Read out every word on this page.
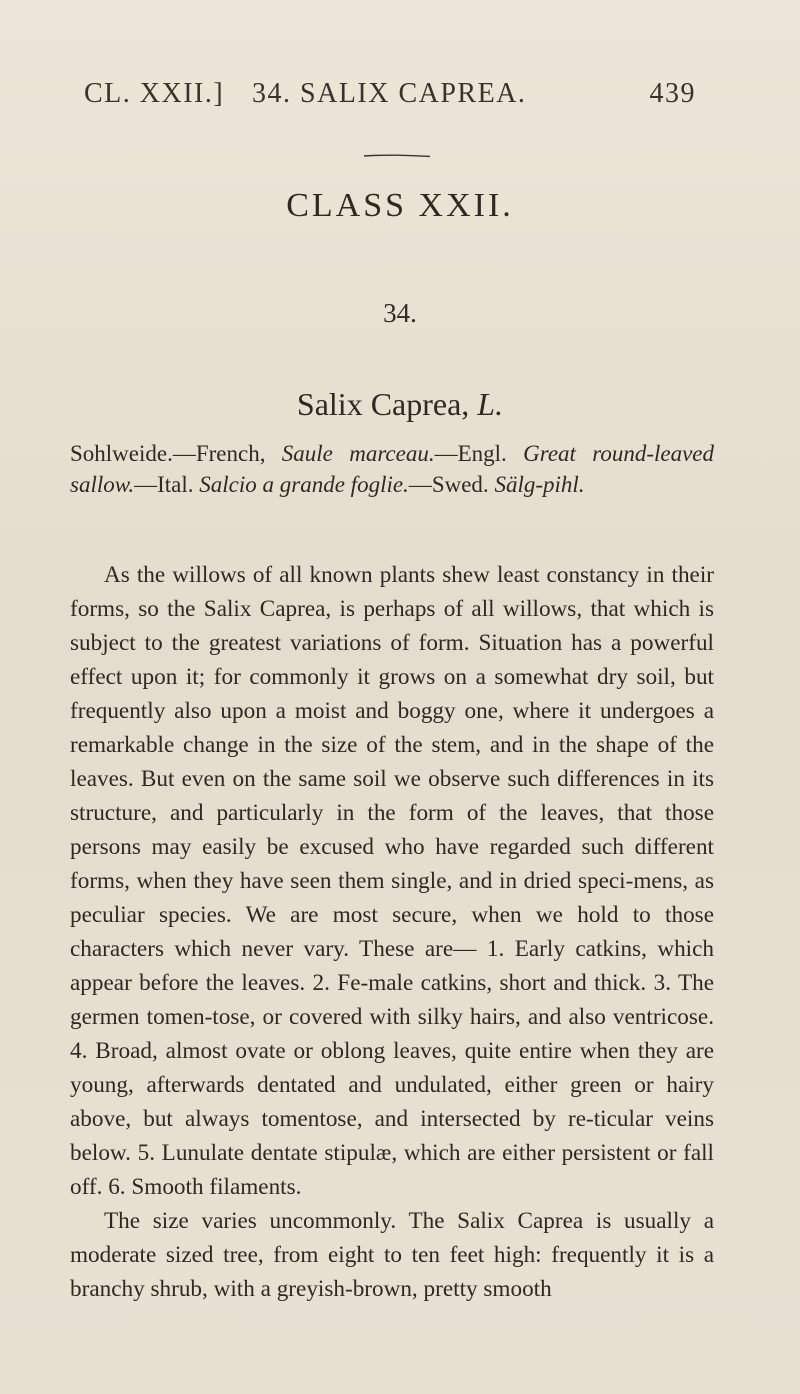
CL. XXII.] 34. SALIX CAPREA.	439
CLASS XXII.
34.
Salix Caprea, L.
Sohlweide.—French, Saule marceau.—Engl. Great round-leaved sallow.—Ital. Salcio a grande foglie.—Swed. Sälg-pihl.

As the willows of all known plants shew least constancy in their forms, so the Salix Caprea, is perhaps of all willows, that which is subject to the greatest variations of form. Situation has a powerful effect upon it; for commonly it grows on a somewhat dry soil, but frequently also upon a moist and boggy one, where it undergoes a remarkable change in the size of the stem, and in the shape of the leaves. But even on the same soil we observe such differences in its structure, and particularly in the form of the leaves, that those persons may easily be excused who have regarded such different forms, when they have seen them single, and in dried speci-mens, as peculiar species. We are most secure, when we hold to those characters which never vary. These are— 1. Early catkins, which appear before the leaves. 2. Fe-male catkins, short and thick. 3. The germen tomen-tose, or covered with silky hairs, and also ventricose. 4. Broad, almost ovate or oblong leaves, quite entire when they are young, afterwards dentated and undulated, either green or hairy above, but always tomentose, and intersected by re-ticular veins below. 5. Lunulate dentate stipulæ, which are either persistent or fall off. 6. Smooth filaments.

The size varies uncommonly. The Salix Caprea is usually a moderate sized tree, from eight to ten feet high: frequently it is a branchy shrub, with a greyish-brown, pretty smooth
